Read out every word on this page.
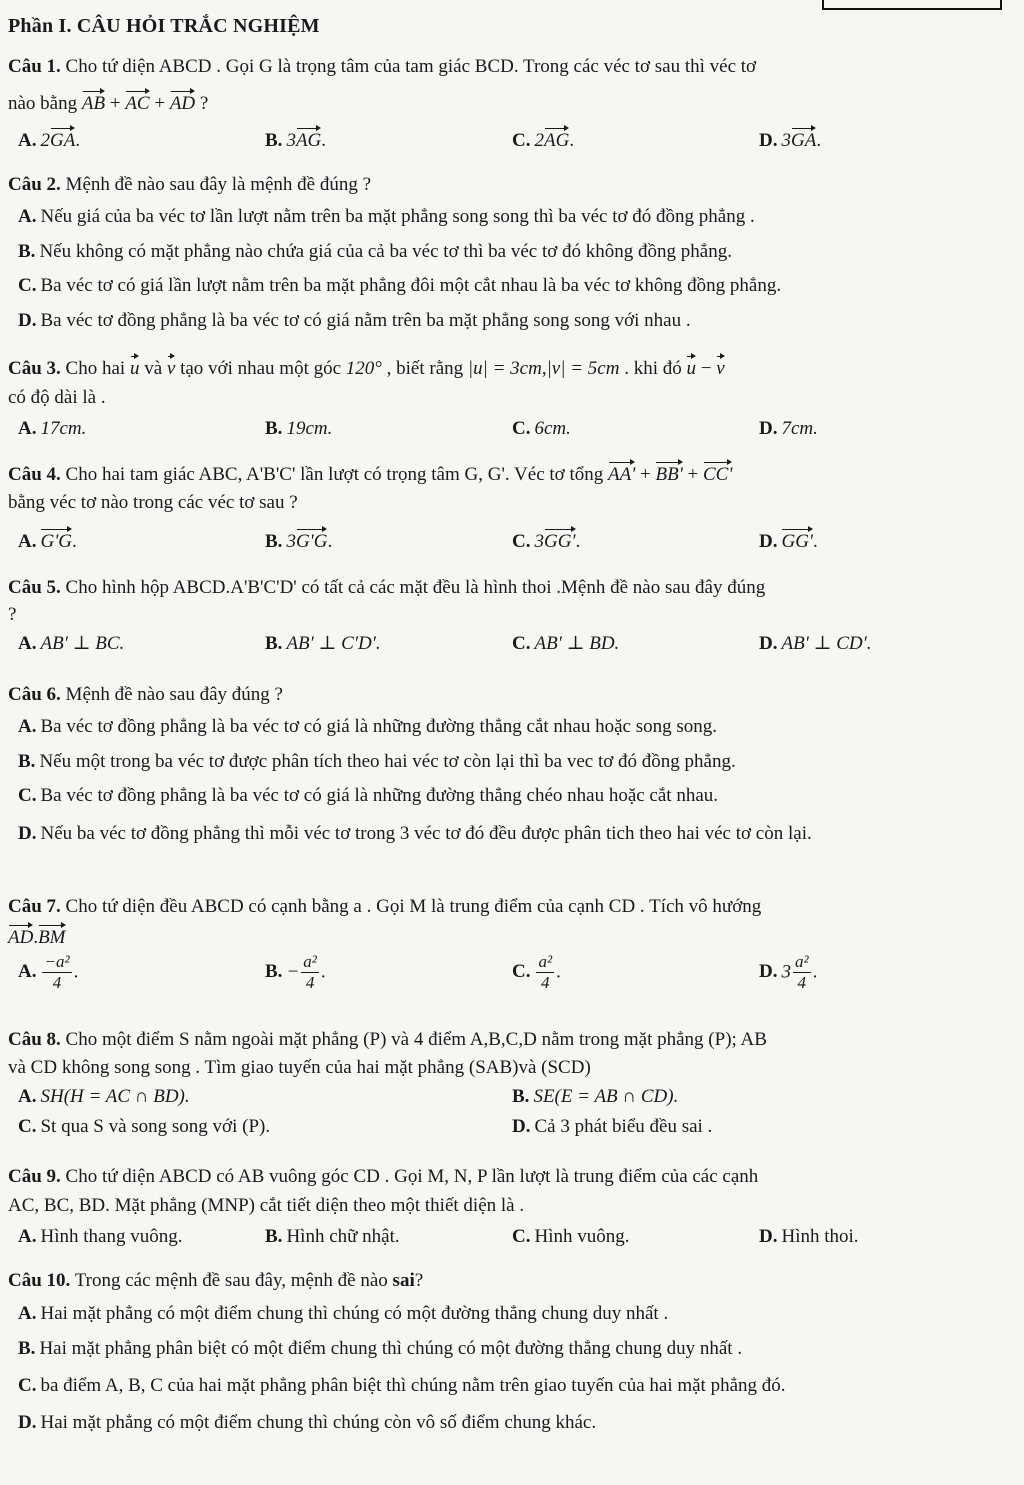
Phần I. CÂU HỎI TRẮC NGHIỆM
Câu 1. Cho tứ diện ABCD . Gọi G là trọng tâm của tam giác BCD. Trong các véc tơ sau thì véc tơ
nào bằng AB + AC + AD ?
A. 2GA.	B. 3AG.	C. 2AG.	D. 3GA.
Câu 2. Mệnh đề nào sau đây là mệnh đề đúng ?
A. Nếu giá của ba véc tơ lần lượt nằm trên ba mặt phẳng song song thì ba véc tơ đó đồng phẳng .
B. Nếu không có mặt phẳng nào chứa giá của cả ba véc tơ thì ba véc tơ đó không đồng phẳng.
C. Ba véc tơ có giá lần lượt nằm trên ba mặt phẳng đôi một cắt nhau là ba véc tơ không đồng phẳng.
D. Ba véc tơ đồng phẳng là ba véc tơ có giá nằm trên ba mặt phẳng song song với nhau .
Câu 3. Cho hai u và v tạo với nhau một góc 120° , biết rằng |u| = 3cm,|v| = 5cm . khi đó u − v
có độ dài là .
A. 17cm.	B. 19cm.	C. 6cm.	D. 7cm.
Câu 4. Cho hai tam giác ABC, A'B'C' lần lượt có trọng tâm G, G'. Véc tơ tổng AA' + BB' + CC'
bằng véc tơ nào trong các véc tơ sau ?
A. G'G.	B. 3G'G.	C. 3GG'.	D. GG'.
Câu 5. Cho hình hộp ABCD.A'B'C'D' có tất cả các mặt đều là hình thoi .Mệnh đề nào sau đây đúng
?
A. AB′ ⊥ BC.	B. AB′ ⊥ C′D′.	C. AB′ ⊥ BD.	D. AB′ ⊥ CD′.
Câu 6. Mệnh đề nào sau đây đúng ?
A. Ba véc tơ đồng phẳng là ba véc tơ có giá là những đường thẳng cắt nhau hoặc song song.
B. Nếu một trong ba véc tơ được phân tích theo hai véc tơ còn lại thì ba vec tơ đó đồng phẳng.
C. Ba véc tơ đồng phẳng là ba véc tơ có giá là những đường thẳng chéo nhau hoặc cắt nhau.
D. Nếu ba véc tơ đồng phẳng thì mỗi véc tơ trong 3 véc tơ đó đều được phân tich theo hai véc tơ còn lại.
Câu 7. Cho tứ diện đều ABCD có cạnh bằng a . Gọi M là trung điểm của cạnh CD . Tích vô hướng
AD.BM
A. $\frac{\text{−a²}}{4}$ .	B. − $\frac{\text{a²}}{4}$ .	C. $\frac{\text{a²}}{4}$ .	D. $3 \frac{\text{a²}}{4}$ .
Câu 8. Cho một điểm S nằm ngoài mặt phẳng (P) và 4 điểm A,B,C,D nằm trong mặt phẳng (P); AB
và CD không song song . Tìm giao tuyến của hai mặt phẳng (SAB)và (SCD)
A. SH(H = AC ∩ BD).	B. SE(E = AB ∩ CD).
C. St qua S và song song với (P).	D. Cả 3 phát biểu đều sai .
Câu 9. Cho tứ diện ABCD có AB vuông góc CD . Gọi M, N, P lần lượt là trung điểm của các cạnh
AC, BC, BD. Mặt phẳng (MNP) cắt tiết diện theo một thiết diện là .
A. Hình thang vuông.	B. Hình chữ nhật.	C. Hình vuông.	D. Hình thoi.
Câu 10. Trong các mệnh đề sau đây, mệnh đề nào sai?
A. Hai mặt phẳng có một điểm chung thì chúng có một đường thẳng chung duy nhất .
B. Hai mặt phẳng phân biệt có một điểm chung thì chúng có một đường thẳng chung duy nhất .
C. ba điểm A, B, C của hai mặt phẳng phân biệt thì chúng nằm trên giao tuyến của hai mặt phẳng đó.
D. Hai mặt phẳng có một điểm chung thì chúng còn vô số điểm chung khác.
